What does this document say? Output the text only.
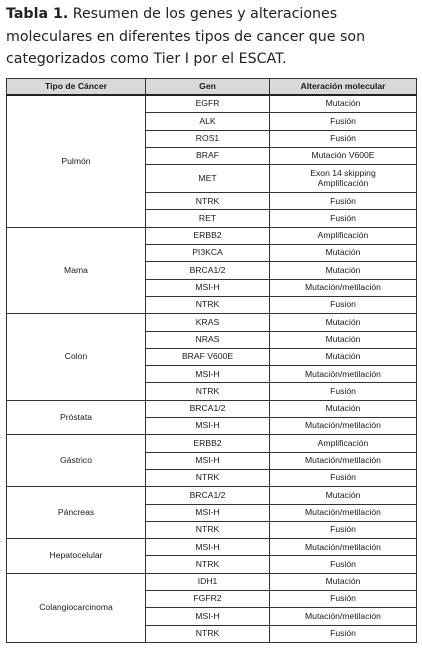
Tabla 1. Resumen de los genes y alteraciones moleculares en diferentes tipos de cancer que son categorizados como Tier I por el ESCAT.
Tipo de Cáncer	Gen	Alteración molecular
Pulmón	EGFR	Mutación
	ALK	Fusión
	ROS1	Fusión
	BRAF	Mutación V600E
	MET	Exon 14 skipping
Amplificación
	NTRK	Fusión
	RET	Fusión
Mama	ERBB2	Amplificación
	PI3KCA	Mutación
	BRCA1/2	Mutación
	MSI-H	Mutación/metilación
	NTRK	Fusion
Colon	KRAS	Mutación
	NRAS	Mutación
	BRAF V600E	Mutación
	MSI-H	Mutación/metilación
	NTRK	Fusión
Próstata	BRCA1/2	Mutación
	MSI-H	Mutación/metilación
Gástrico	ERBB2	Amplificación
	MSI-H	Mutación/metilación
	NTRK	Fusión
Páncreas	BRCA1/2	Mutación
	MSI-H	Mutación/metilación
	NTRK	Fusión
Hepatocelular	MSI-H	Mutación/metilación
	NTRK	Fusión
Colangiocarcinoma	IDH1	Mutación
	FGFR2	Fusión
	MSI-H	Mutación/metilación
	NTRK	Fusión
